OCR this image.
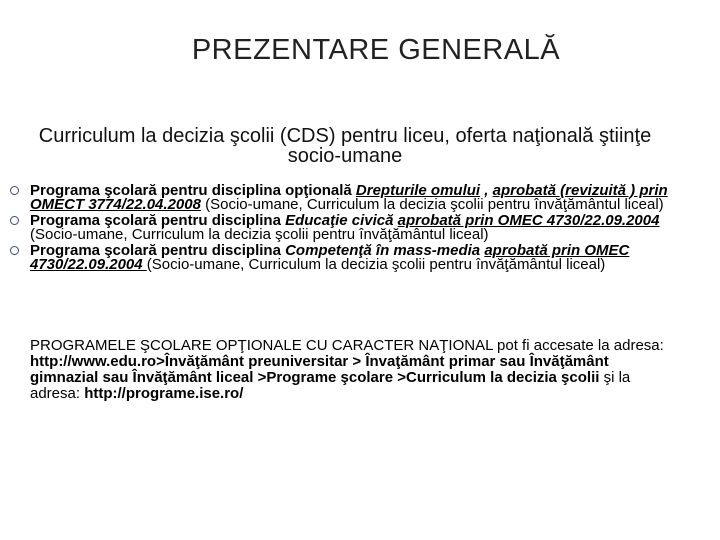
PREZENTARE GENERALĂ
Curriculum la decizia şcolii (CDS) pentru liceu, oferta naţională ştiinţe socio-umane
Programa şcolară pentru disciplina opţională Drepturile omului , aprobată (revizuită ) prin OMECT 3774/22.04.2008 (Socio-umane, Curriculum la decizia şcolii pentru învăţământul liceal)
Programa şcolară pentru disciplina Educaţie civică aprobată prin OMEC 4730/22.09.2004 (Socio-umane, Curriculum la decizia şcolii pentru învăţământul liceal)
Programa şcolară pentru disciplina Competenţă în mass-media aprobată prin OMEC 4730/22.09.2004 (Socio-umane, Curriculum la decizia şcolii pentru învăţământul liceal)
PROGRAMELE ŞCOLARE OPŢIONALE CU CARACTER NAŢIONAL pot fi accesate la adresa: http://www.edu.ro>Învăţământ preuniversitar > Învaţământ primar sau Învăţământ gimnazial sau Învăţământ liceal >Programe şcolare >Curriculum la decizia şcolii şi la adresa: http://programe.ise.ro/
